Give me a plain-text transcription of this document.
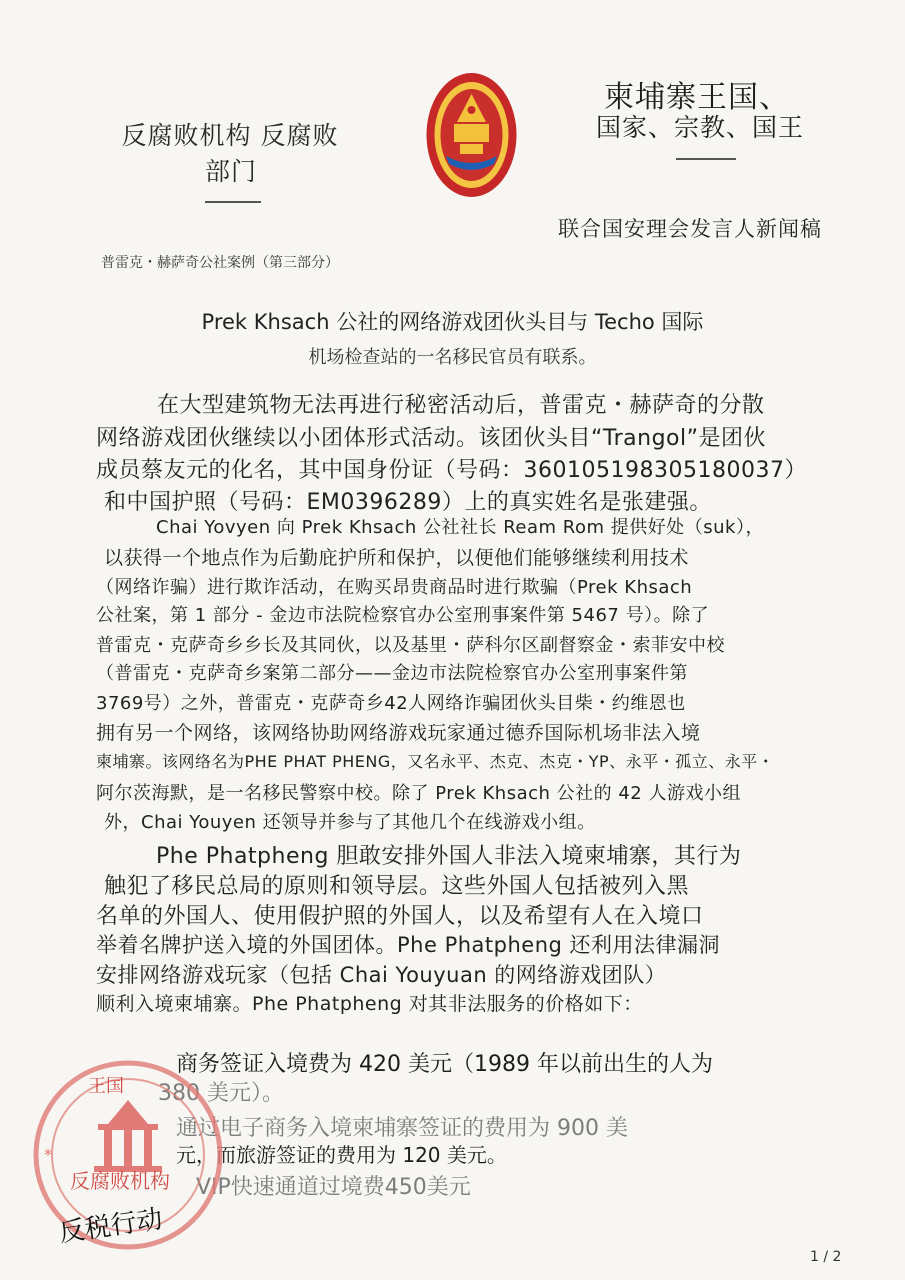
反腐败机构 反腐败
部门
柬埔寨王国、
国家、宗教、国王
联合国安理会发言人新闻稿
普雷克・赫萨奇公社案例（第三部分）
Prek Khsach 公社的网络游戏团伙头目与 Techo 国际
机场检查站的一名移民官员有联系。
在大型建筑物无法再进行秘密活动后，普雷克・赫萨奇的分散
网络游戏团伙继续以小团体形式活动。该团伙头目“Trangol”是团伙
成员蔡友元的化名，其中国身份证（号码：360105198305180037）
和中国护照（号码：EM0396289）上的真实姓名是张建强。
Chai Yovyen 向 Prek Khsach 公社社长 Ream Rom 提供好处（suk），
以获得一个地点作为后勤庇护所和保护，以便他们能够继续利用技术
（网络诈骗）进行欺诈活动，在购买昂贵商品时进行欺骗（Prek Khsach
公社案，第 1 部分 - 金边市法院检察官办公室刑事案件第 5467 号）。除了
普雷克・克萨奇乡乡长及其同伙，以及基里・萨科尔区副督察金・索菲安中校
（普雷克・克萨奇乡案第二部分——金边市法院检察官办公室刑事案件第
3769号）之外，普雷克・克萨奇乡42人网络诈骗团伙头目柴・约维恩也
拥有另一个网络，该网络协助网络游戏玩家通过德乔国际机场非法入境
柬埔寨。该网络名为PHE PHAT PHENG，又名永平、杰克、杰克・YP、永平・孤立、永平・
阿尔茨海默，是一名移民警察中校。除了 Prek Khsach 公社的 42 人游戏小组
外，Chai Youyen 还领导并参与了其他几个在线游戏小组。
Phe Phatpheng 胆敢安排外国人非法入境柬埔寨，其行为
触犯了移民总局的原则和领导层。这些外国人包括被列入黑
名单的外国人、使用假护照的外国人，以及希望有人在入境口
举着名牌护送入境的外国团体。Phe Phatpheng 还利用法律漏洞
安排网络游戏玩家（包括 Chai Youyuan 的网络游戏团队）
顺利入境柬埔寨。Phe Phatpheng 对其非法服务的价格如下：
商务签证入境费为 420 美元（1989 年以前出生的人为
380 美元）。
通过电子商务入境柬埔寨签证的费用为 900 美
元，而旅游签证的费用为 120 美元。
VIP快速通道过境费450美元
*
王国
反腐败机构
反税行动
1 / 2
